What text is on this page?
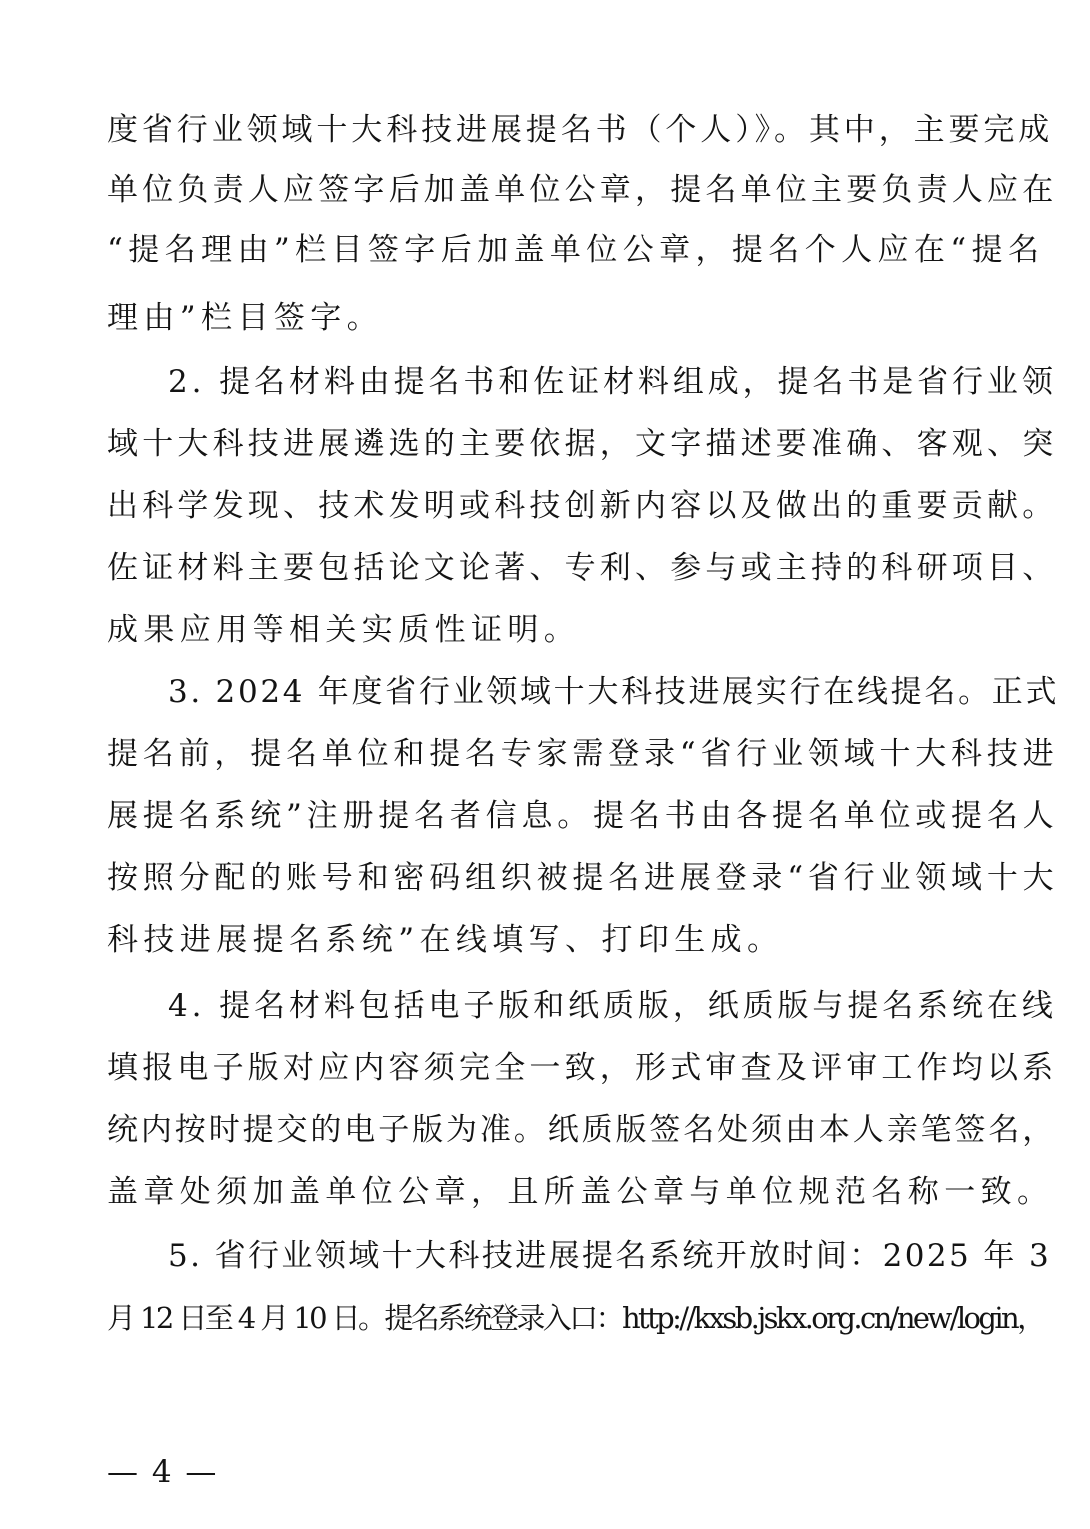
度省行业领域十大科技进展提名书（个人）》。其中，主要完成
单位负责人应签字后加盖单位公章，提名单位主要负责人应在
“提名理由”栏目签字后加盖单位公章，提名个人应在“提名
理由”栏目签字。
2. 提名材料由提名书和佐证材料组成，提名书是省行业领
域十大科技进展遴选的主要依据，文字描述要准确、客观、突
出科学发现、技术发明或科技创新内容以及做出的重要贡献。
佐证材料主要包括论文论著、专利、参与或主持的科研项目、
成果应用等相关实质性证明。
3. 2024 年度省行业领域十大科技进展实行在线提名。正式
提名前，提名单位和提名专家需登录“省行业领域十大科技进
展提名系统”注册提名者信息。提名书由各提名单位或提名人
按照分配的账号和密码组织被提名进展登录“省行业领域十大
科技进展提名系统”在线填写、打印生成。
4. 提名材料包括电子版和纸质版，纸质版与提名系统在线
填报电子版对应内容须完全一致，形式审查及评审工作均以系
统内按时提交的电子版为准。纸质版签名处须由本人亲笔签名，
盖章处须加盖单位公章，且所盖公章与单位规范名称一致。
5. 省行业领域十大科技进展提名系统开放时间：2025 年 3
月 12 日至 4 月 10 日。提名系统登录入口：http://kxsb.jskx.org.cn/new/login，
— 4 —
